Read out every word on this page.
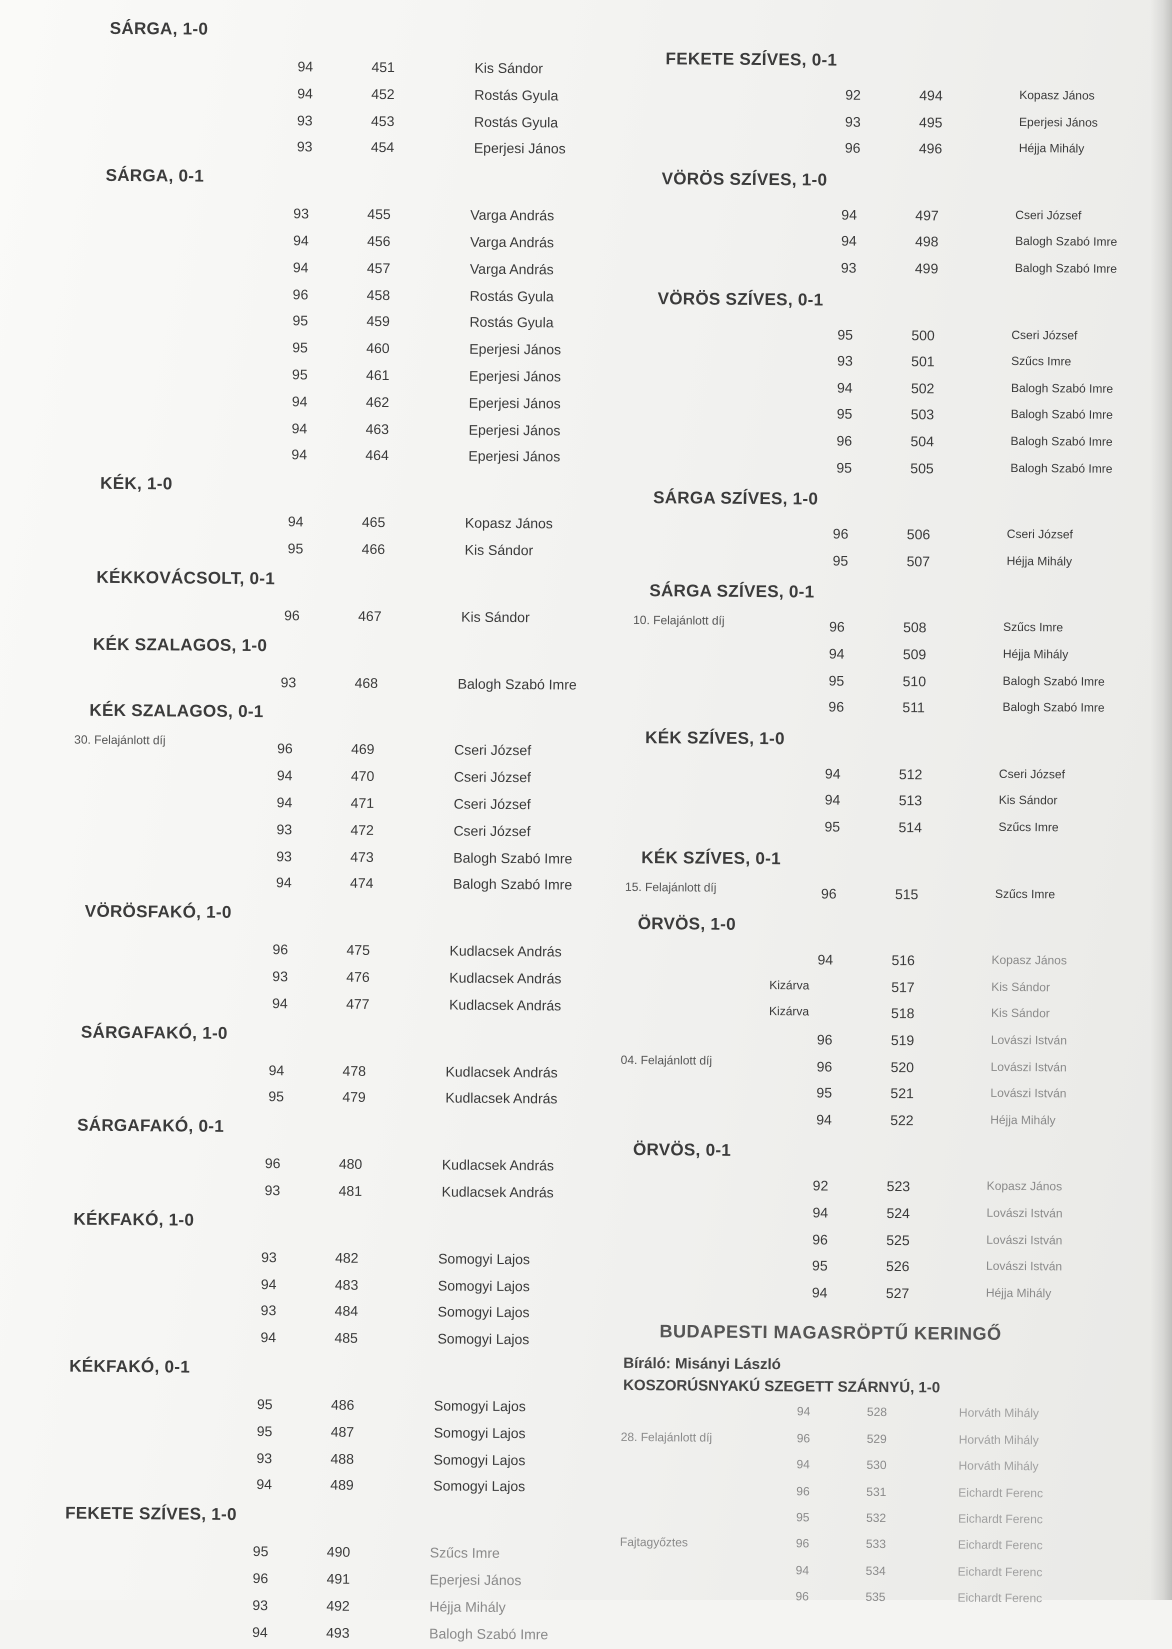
SÁRGA, 1-0
94	451	Kis Sándor
94	452	Rostás Gyula
93	453	Rostás Gyula
93	454	Eperjesi János
SÁRGA, 0-1
93	455	Varga András
94	456	Varga András
94	457	Varga András
96	458	Rostás Gyula
95	459	Rostás Gyula
95	460	Eperjesi János
95	461	Eperjesi János
94	462	Eperjesi János
94	463	Eperjesi János
94	464	Eperjesi János
KÉK, 1-0
94	465	Kopasz János
95	466	Kis Sándor
KÉKKOVÁCSOLT, 0-1
96	467	Kis Sándor
KÉK SZALAGOS, 1-0
93	468	Balogh Szabó Imre
KÉK SZALAGOS, 0-1
30. Felajánlott díj
96	469	Cseri József
94	470	Cseri József
94	471	Cseri József
93	472	Cseri József
93	473	Balogh Szabó Imre
94	474	Balogh Szabó Imre
VÖRÖSFAKÓ, 1-0
96	475	Kudlacsek András
93	476	Kudlacsek András
94	477	Kudlacsek András
SÁRGAFAKÓ, 1-0
94	478	Kudlacsek András
95	479	Kudlacsek András
SÁRGAFAKÓ, 0-1
96	480	Kudlacsek András
93	481	Kudlacsek András
KÉKFAKÓ, 1-0
93	482	Somogyi Lajos
94	483	Somogyi Lajos
93	484	Somogyi Lajos
94	485	Somogyi Lajos
KÉKFAKÓ, 0-1
95	486	Somogyi Lajos
95	487	Somogyi Lajos
93	488	Somogyi Lajos
94	489	Somogyi Lajos
FEKETE SZÍVES, 1-0
95	490	Szűcs Imre
96	491	Eperjesi János
93	492	Héjja Mihály
94	493	Balogh Szabó Imre
FEKETE SZÍVES, 0-1
92	494	Kopasz János
93	495	Eperjesi János
96	496	Héjja Mihály
VÖRÖS SZÍVES, 1-0
94	497	Cseri József
94	498	Balogh Szabó Imre
93	499	Balogh Szabó Imre
VÖRÖS SZÍVES, 0-1
95	500	Cseri József
93	501	Szűcs Imre
94	502	Balogh Szabó Imre
95	503	Balogh Szabó Imre
96	504	Balogh Szabó Imre
95	505	Balogh Szabó Imre
SÁRGA SZÍVES, 1-0
96	506	Cseri József
95	507	Héjja Mihály
SÁRGA SZÍVES, 0-1
10. Felajánlott díj	96	508	Szűcs Imre
94	509	Héjja Mihály
95	510	Balogh Szabó Imre
96	511	Balogh Szabó Imre
KÉK SZÍVES, 1-0
94	512	Cseri József
94	513	Kis Sándor
95	514	Szűcs Imre
KÉK SZÍVES, 0-1
15. Felajánlott díj	96	515	Szűcs Imre
ÖRVÖS, 1-0
94	516	Kopasz János
Kizárva	517	Kis Sándor
Kizárva	518	Kis Sándor
96	519	Lovászi István
04. Felajánlott díj	96	520	Lovászi István
95	521	Lovászi István
94	522	Héjja Mihály
ÖRVÖS, 0-1
92	523	Kopasz János
94	524	Lovászi István
96	525	Lovászi István
95	526	Lovászi István
94	527	Héjja Mihály
BUDAPESTI MAGASRÖPTŰ KERINGŐ
Bíráló: Misányi László
KOSZORÚSNYAKÚ SZEGETT SZÁRNYÚ, 1-0
94	528	Horváth Mihály
28. Felajánlott díj	96	529	Horváth Mihály
94	530	Horváth Mihály
96	531	Eichardt Ferenc
95	532	Eichardt Ferenc
Fajtagyőztes	96	533	Eichardt Ferenc
94	534	Eichardt Ferenc
96	535	Eichardt Ferenc
